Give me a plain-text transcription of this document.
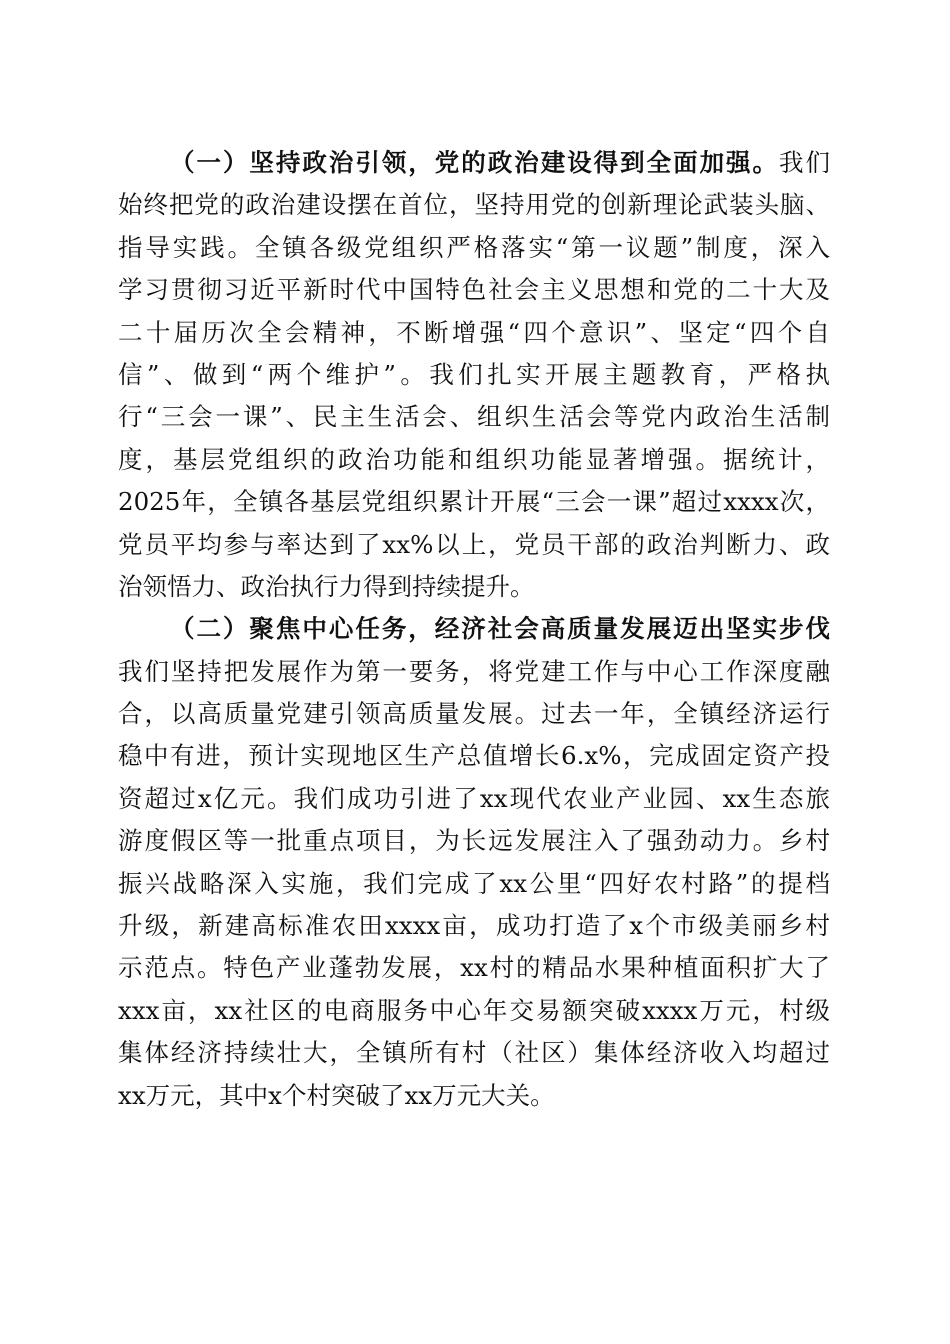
（一）坚持政治引领，党的政治建设得到全面加强。我们
始终把党的政治建设摆在首位，坚持用党的创新理论武装头脑、
指导实践。全镇各级党组织严格落实“第一议题”制度，深入
学习贯彻习近平新时代中国特色社会主义思想和党的二十大及
二十届历次全会精神，不断增强“四个意识”、坚定“四个自
信”、做到“两个维护”。我们扎实开展主题教育，严格执
行“三会一课”、民主生活会、组织生活会等党内政治生活制
度，基层党组织的政治功能和组织功能显著增强。据统计，
2025年，全镇各基层党组织累计开展“三会一课”超过xxxx次，
党员平均参与率达到了xx%以上，党员干部的政治判断力、政
治领悟力、政治执行力得到持续提升。
（二）聚焦中心任务，经济社会高质量发展迈出坚实步伐
我们坚持把发展作为第一要务，将党建工作与中心工作深度融
合，以高质量党建引领高质量发展。过去一年，全镇经济运行
稳中有进，预计实现地区生产总值增长6.x%，完成固定资产投
资超过x亿元。我们成功引进了xx现代农业产业园、xx生态旅
游度假区等一批重点项目，为长远发展注入了强劲动力。乡村
振兴战略深入实施，我们完成了xx公里“四好农村路”的提档
升级，新建高标准农田xxxx亩，成功打造了x个市级美丽乡村
示范点。特色产业蓬勃发展，xx村的精品水果种植面积扩大了
xxx亩，xx社区的电商服务中心年交易额突破xxxx万元，村级
集体经济持续壮大，全镇所有村（社区）集体经济收入均超过
xx万元，其中x个村突破了xx万元大关。
